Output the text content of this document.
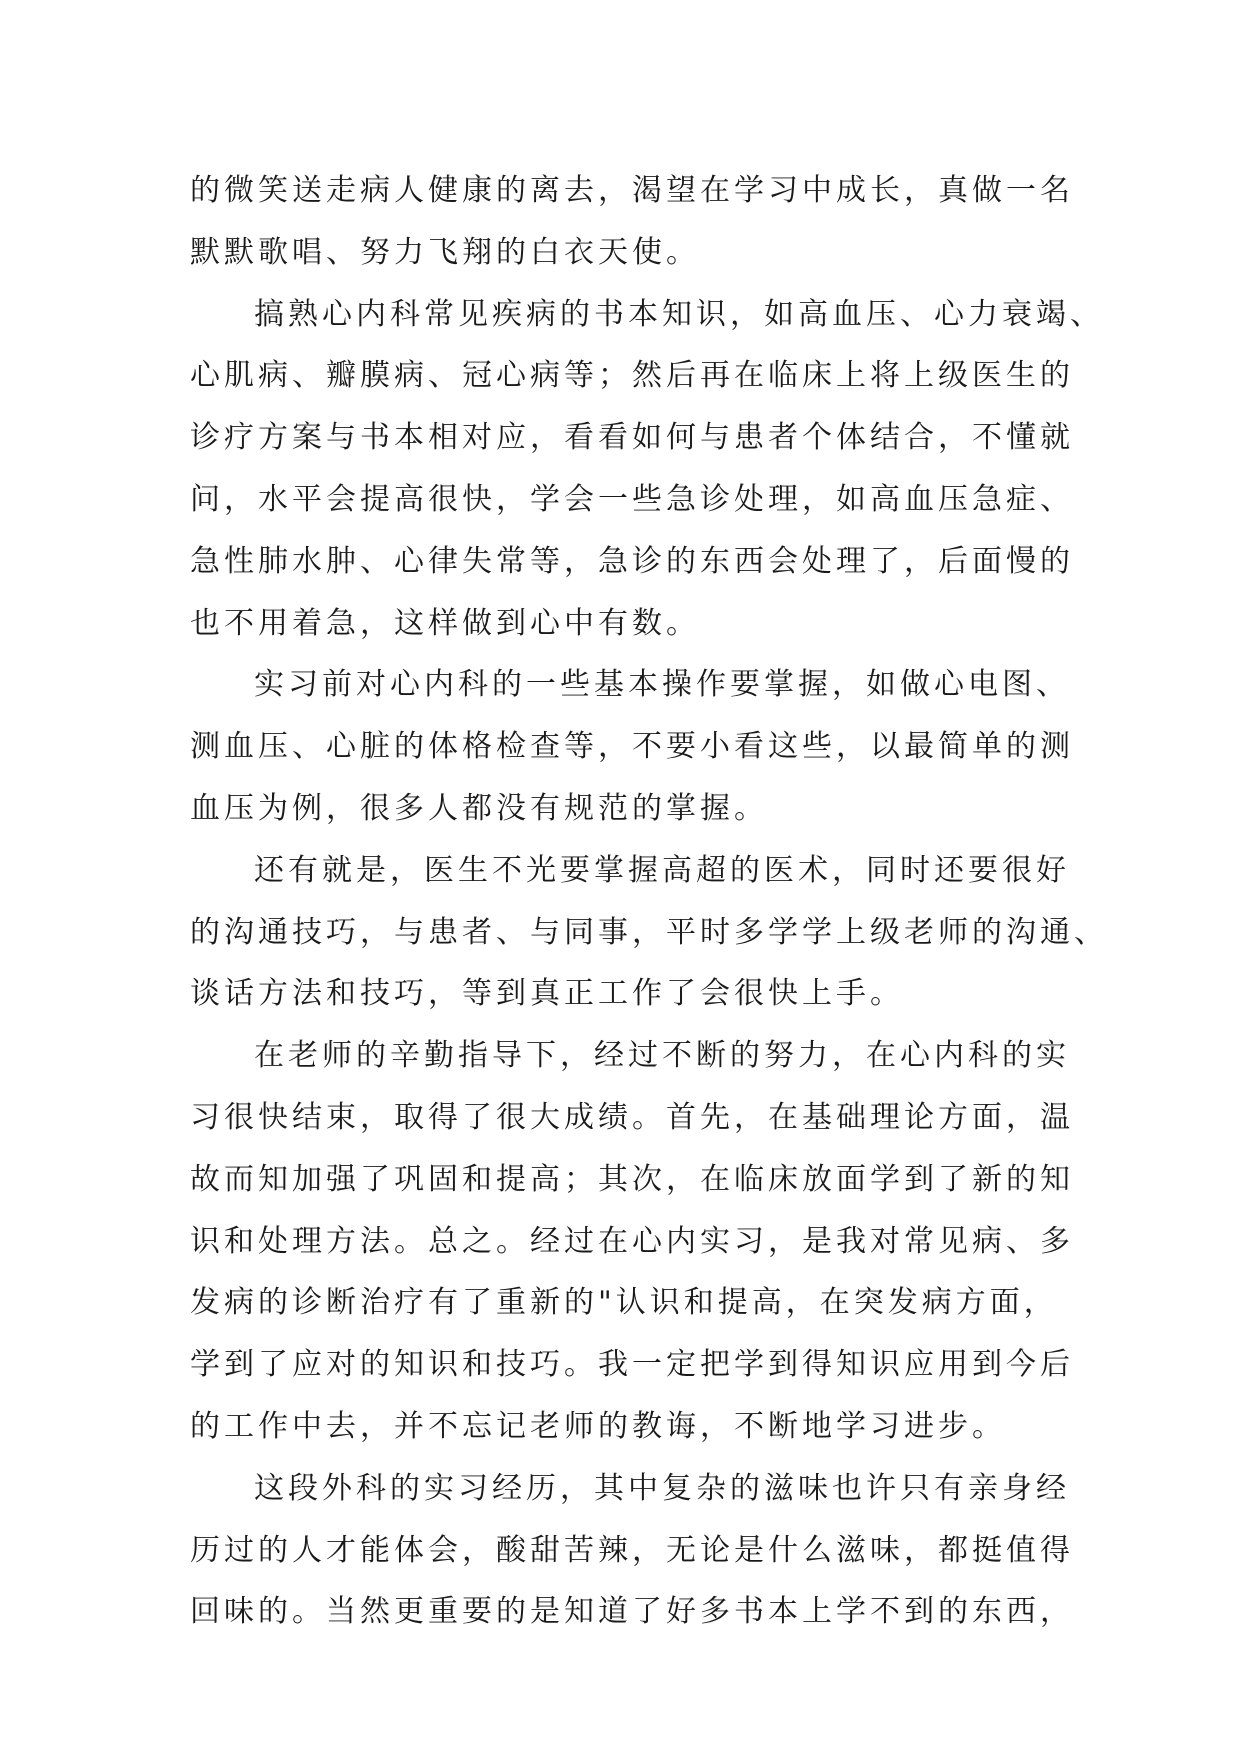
的微笑送走病人健康的离去，渴望在学习中成长，真做一名
默默歌唱、努力飞翔的白衣天使。
搞熟心内科常见疾病的书本知识，如高血压、心力衰竭、
心肌病、瓣膜病、冠心病等；然后再在临床上将上级医生的
诊疗方案与书本相对应，看看如何与患者个体结合，不懂就
问，水平会提高很快，学会一些急诊处理，如高血压急症、
急性肺水肿、心律失常等，急诊的东西会处理了，后面慢的
也不用着急，这样做到心中有数。
实习前对心内科的一些基本操作要掌握，如做心电图、
测血压、心脏的体格检查等，不要小看这些，以最简单的测
血压为例，很多人都没有规范的掌握。
还有就是，医生不光要掌握高超的医术，同时还要很好
的沟通技巧，与患者、与同事，平时多学学上级老师的沟通、
谈话方法和技巧，等到真正工作了会很快上手。
在老师的辛勤指导下，经过不断的努力，在心内科的实
习很快结束，取得了很大成绩。首先，在基础理论方面，温
故而知加强了巩固和提高；其次，在临床放面学到了新的知
识和处理方法。总之。经过在心内实习，是我对常见病、多
发病的诊断治疗有了重新的"认识和提高，在突发病方面，
学到了应对的知识和技巧。我一定把学到得知识应用到今后
的工作中去，并不忘记老师的教诲，不断地学习进步。
这段外科的实习经历，其中复杂的滋味也许只有亲身经
历过的人才能体会，酸甜苦辣，无论是什么滋味，都挺值得
回味的。当然更重要的是知道了好多书本上学不到的东西，
